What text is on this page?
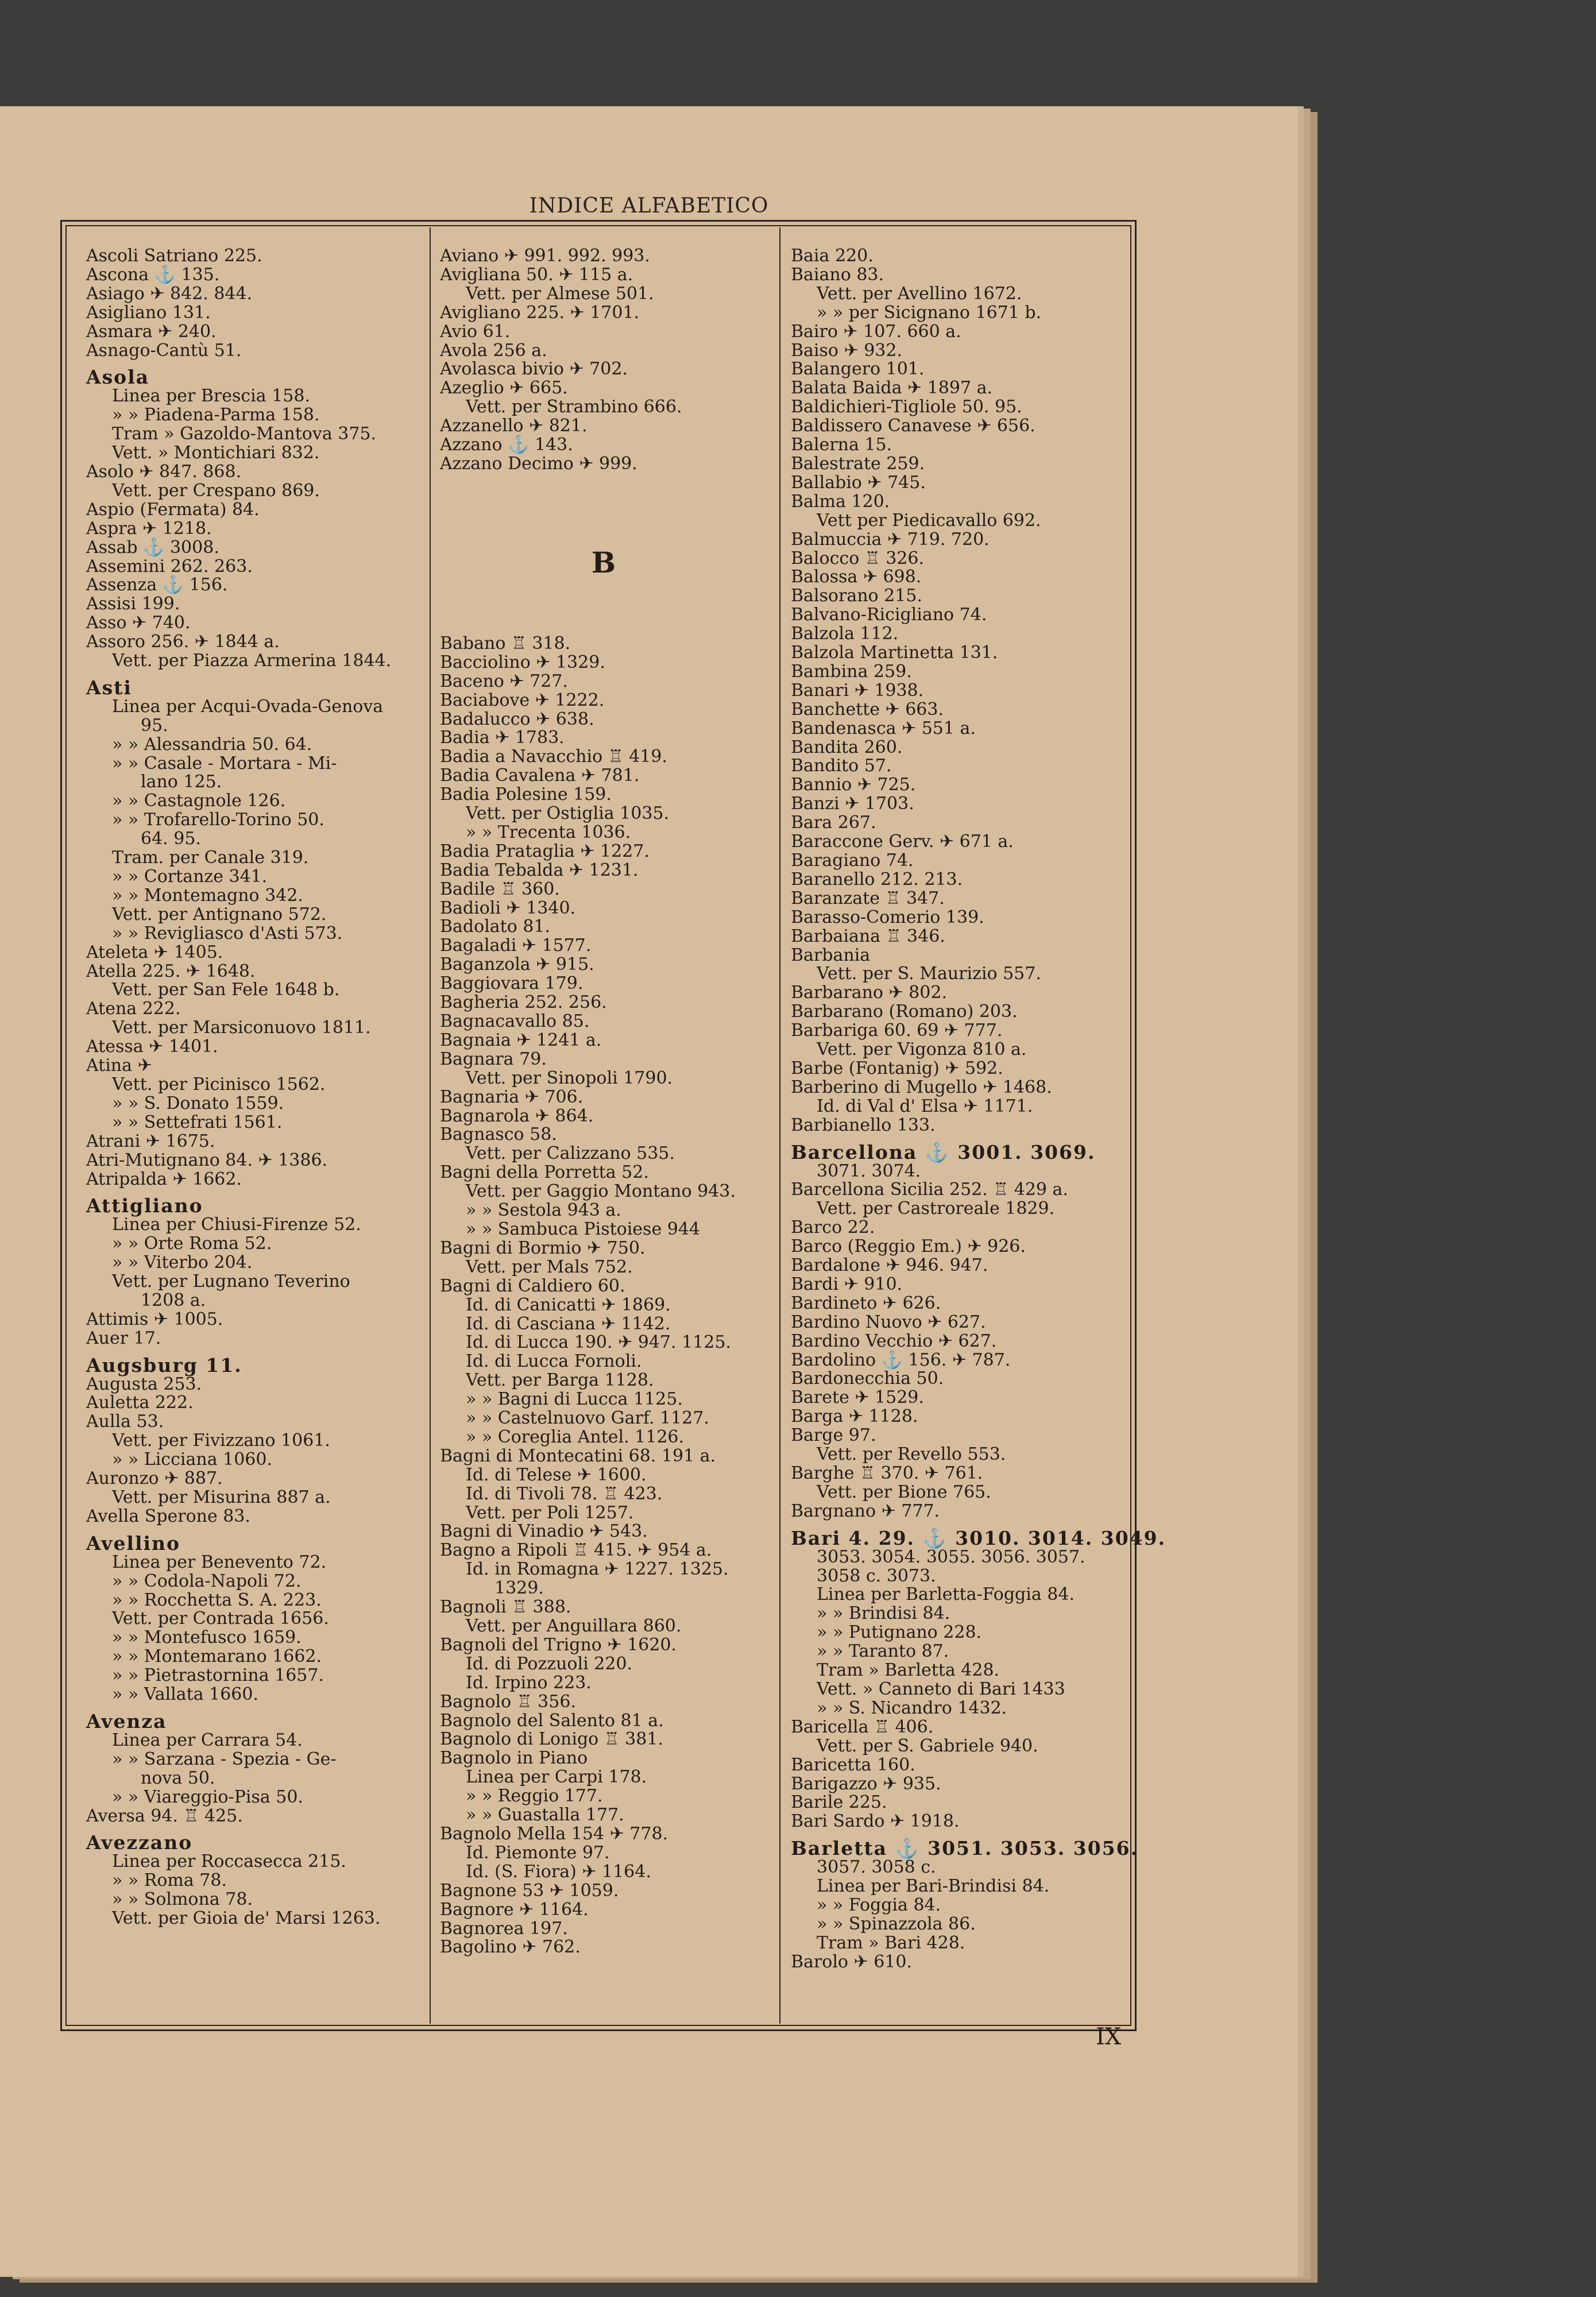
INDICE ALFABETICO
Ascoli Satriano 225.
Ascona ⚓ 135.
Asiago ✈ 842. 844.
Asigliano 131.
Asmara ✈ 240.
Asnago-Cantù 51.
Asola
Linea per Brescia 158.
» » Piadena-Parma 158.
Tram » Gazoldo-Mantova 375.
Vett. » Montichiari 832.
Asolo ✈ 847. 868.
Vett. per Crespano 869.
Aspio (Fermata) 84.
Aspra ✈ 1218.
Assab ⚓ 3008.
Assemini 262. 263.
Assenza ⚓ 156.
Assisi 199.
Asso ✈ 740.
Assoro 256. ✈ 1844 a.
Vett. per Piazza Armerina 1844.
Asti
Linea per Acqui-Ovada-Genova
95.
» » Alessandria 50. 64.
» » Casale - Mortara - Mi-
lano 125.
» » Castagnole 126.
» » Trofarello-Torino 50.
64. 95.
Tram. per Canale 319.
» » Cortanze 341.
» » Montemagno 342.
Vett. per Antignano 572.
» » Revigliasco d'Asti 573.
Ateleta ✈ 1405.
Atella 225. ✈ 1648.
Vett. per San Fele 1648 b.
Atena 222.
Vett. per Marsiconuovo 1811.
Atessa ✈ 1401.
Atina ✈
Vett. per Picinisco 1562.
» » S. Donato 1559.
» » Settefrati 1561.
Atrani ✈ 1675.
Atri-Mutignano 84. ✈ 1386.
Atripalda ✈ 1662.
Attigliano
Linea per Chiusi-Firenze 52.
» » Orte Roma 52.
» » Viterbo 204.
Vett. per Lugnano Teverino
1208 a.
Attimis ✈ 1005.
Auer 17.
Augsburg 11.
Augusta 253.
Auletta 222.
Aulla 53.
Vett. per Fivizzano 1061.
» » Licciana 1060.
Auronzo ✈ 887.
Vett. per Misurina 887 a.
Avella Sperone 83.
Avellino
Linea per Benevento 72.
» » Codola-Napoli 72.
» » Rocchetta S. A. 223.
Vett. per Contrada 1656.
» » Montefusco 1659.
» » Montemarano 1662.
» » Pietrastornina 1657.
» » Vallata 1660.
Avenza
Linea per Carrara 54.
» » Sarzana - Spezia - Ge-
nova 50.
» » Viareggio-Pisa 50.
Aversa 94. ♖ 425.
Avezzano
Linea per Roccasecca 215.
» » Roma 78.
» » Solmona 78.
Vett. per Gioia de' Marsi 1263.
Aviano ✈ 991. 992. 993.
Avigliana 50. ✈ 115 a.
Vett. per Almese 501.
Avigliano 225. ✈ 1701.
Avio 61.
Avola 256 a.
Avolasca bivio ✈ 702.
Azeglio ✈ 665.
Vett. per Strambino 666.
Azzanello ✈ 821.
Azzano ⚓ 143.
Azzano Decimo ✈ 999.
B
Babano ♖ 318.
Bacciolino ✈ 1329.
Baceno ✈ 727.
Baciabove ✈ 1222.
Badalucco ✈ 638.
Badia ✈ 1783.
Badia a Navacchio ♖ 419.
Badia Cavalena ✈ 781.
Badia Polesine 159.
Vett. per Ostiglia 1035.
» » Trecenta 1036.
Badia Prataglia ✈ 1227.
Badia Tebalda ✈ 1231.
Badile ♖ 360.
Badioli ✈ 1340.
Badolato 81.
Bagaladi ✈ 1577.
Baganzola ✈ 915.
Baggiovara 179.
Bagheria 252. 256.
Bagnacavallo 85.
Bagnaia ✈ 1241 a.
Bagnara 79.
Vett. per Sinopoli 1790.
Bagnaria ✈ 706.
Bagnarola ✈ 864.
Bagnasco 58.
Vett. per Calizzano 535.
Bagni della Porretta 52.
Vett. per Gaggio Montano 943.
» » Sestola 943 a.
» » Sambuca Pistoiese 944
Bagni di Bormio ✈ 750.
Vett. per Mals 752.
Bagni di Caldiero 60.
Id. di Canicatti ✈ 1869.
Id. di Casciana ✈ 1142.
Id. di Lucca 190. ✈ 947. 1125.
Id. di Lucca Fornoli.
Vett. per Barga 1128.
» » Bagni di Lucca 1125.
» » Castelnuovo Garf. 1127.
» » Coreglia Antel. 1126.
Bagni di Montecatini 68. 191 a.
Id. di Telese ✈ 1600.
Id. di Tivoli 78. ♖ 423.
Vett. per Poli 1257.
Bagni di Vinadio ✈ 543.
Bagno a Ripoli ♖ 415. ✈ 954 a.
Id. in Romagna ✈ 1227. 1325.
1329.
Bagnoli ♖ 388.
Vett. per Anguillara 860.
Bagnoli del Trigno ✈ 1620.
Id. di Pozzuoli 220.
Id. Irpino 223.
Bagnolo ♖ 356.
Bagnolo del Salento 81 a.
Bagnolo di Lonigo ♖ 381.
Bagnolo in Piano
Linea per Carpi 178.
» » Reggio 177.
» » Guastalla 177.
Bagnolo Mella 154 ✈ 778.
Id. Piemonte 97.
Id. (S. Fiora) ✈ 1164.
Bagnone 53 ✈ 1059.
Bagnore ✈ 1164.
Bagnorea 197.
Bagolino ✈ 762.
Baia 220.
Baiano 83.
Vett. per Avellino 1672.
» » per Sicignano 1671 b.
Bairo ✈ 107. 660 a.
Baiso ✈ 932.
Balangero 101.
Balata Baida ✈ 1897 a.
Baldichieri-Tigliole 50. 95.
Baldissero Canavese ✈ 656.
Balerna 15.
Balestrate 259.
Ballabio ✈ 745.
Balma 120.
Vett per Piedicavallo 692.
Balmuccia ✈ 719. 720.
Balocco ♖ 326.
Balossa ✈ 698.
Balsorano 215.
Balvano-Ricigliano 74.
Balzola 112.
Balzola Martinetta 131.
Bambina 259.
Banari ✈ 1938.
Banchette ✈ 663.
Bandenasca ✈ 551 a.
Bandita 260.
Bandito 57.
Bannio ✈ 725.
Banzi ✈ 1703.
Bara 267.
Baraccone Gerv. ✈ 671 a.
Baragiano 74.
Baranello 212. 213.
Baranzate ♖ 347.
Barasso-Comerio 139.
Barbaiana ♖ 346.
Barbania
Vett. per S. Maurizio 557.
Barbarano ✈ 802.
Barbarano (Romano) 203.
Barbariga 60. 69 ✈ 777.
Vett. per Vigonza 810 a.
Barbe (Fontanig) ✈ 592.
Barberino di Mugello ✈ 1468.
Id. di Val d' Elsa ✈ 1171.
Barbianello 133.
Barcellona ⚓ 3001. 3069.
3071. 3074.
Barcellona Sicilia 252. ♖ 429 a.
Vett. per Castroreale 1829.
Barco 22.
Barco (Reggio Em.) ✈ 926.
Bardalone ✈ 946. 947.
Bardi ✈ 910.
Bardineto ✈ 626.
Bardino Nuovo ✈ 627.
Bardino Vecchio ✈ 627.
Bardolino ⚓ 156. ✈ 787.
Bardonecchia 50.
Barete ✈ 1529.
Barga ✈ 1128.
Barge 97.
Vett. per Revello 553.
Barghe ♖ 370. ✈ 761.
Vett. per Bione 765.
Bargnano ✈ 777.
Bari 4. 29. ⚓ 3010. 3014. 3049.
3053. 3054. 3055. 3056. 3057.
3058 c. 3073.
Linea per Barletta-Foggia 84.
» » Brindisi 84.
» » Putignano 228.
» » Taranto 87.
Tram » Barletta 428.
Vett. » Canneto di Bari 1433
» » S. Nicandro 1432.
Baricella ♖ 406.
Vett. per S. Gabriele 940.
Baricetta 160.
Barigazzo ✈ 935.
Barile 225.
Bari Sardo ✈ 1918.
Barletta ⚓ 3051. 3053. 3056.
3057. 3058 c.
Linea per Bari-Brindisi 84.
» » Foggia 84.
» » Spinazzola 86.
Tram » Bari 428.
Barolo ✈ 610.
IX
